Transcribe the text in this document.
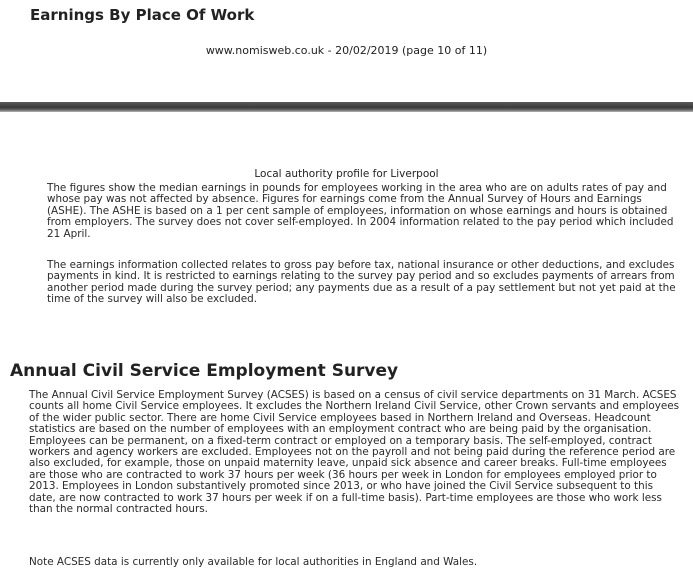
Earnings By Place Of Work
www.nomisweb.co.uk - 20/02/2019 (page 10 of 11)
Local authority profile for Liverpool

The figures show the median earnings in pounds for employees working in the area who are on adults rates of pay and whose pay was not affected by absence. Figures for earnings come from the Annual Survey of Hours and Earnings (ASHE). The ASHE is based on a 1 per cent sample of employees, information on whose earnings and hours is obtained from employers. The survey does not cover self-employed. In 2004 information related to the pay period which included 21 April.

The earnings information collected relates to gross pay before tax, national insurance or other deductions, and excludes payments in kind. It is restricted to earnings relating to the survey pay period and so excludes payments of arrears from another period made during the survey period; any payments due as a result of a pay settlement but not yet paid at the time of the survey will also be excluded.

Annual Civil Service Employment Survey

The Annual Civil Service Employment Survey (ACSES) is based on a census of civil service departments on 31 March. ACSES counts all home Civil Service employees. It excludes the Northern Ireland Civil Service, other Crown servants and employees of the wider public sector. There are home Civil Service employees based in Northern Ireland and Overseas. Headcount statistics are based on the number of employees with an employment contract who are being paid by the organisation. Employees can be permanent, on a fixed-term contract or employed on a temporary basis. The self-employed, contract workers and agency workers are excluded. Employees not on the payroll and not being paid during the reference period are also excluded, for example, those on unpaid maternity leave, unpaid sick absence and career breaks. Full-time employees are those who are contracted to work 37 hours per week (36 hours per week in London for employees employed prior to 2013. Employees in London substantively promoted since 2013, or who have joined the Civil Service subsequent to this date, are now contracted to work 37 hours per week if on a full-time basis). Part-time employees are those who work less than the normal contracted hours.

Note ACSES data is currently only available for local authorities in England and Wales.
